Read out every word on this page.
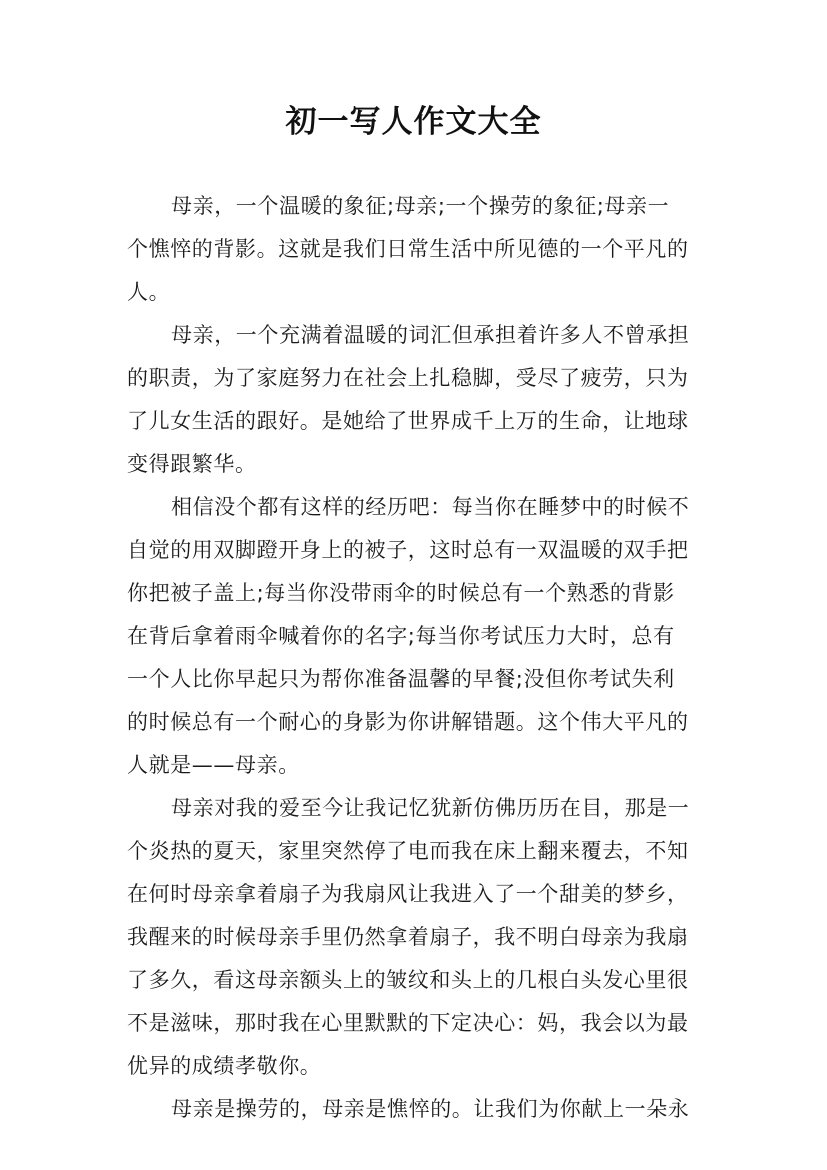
初一写人作文大全
母亲，一个温暖的象征;母亲;一个操劳的象征;母亲一
个憔悴的背影。这就是我们日常生活中所见德的一个平凡的
人。
母亲，一个充满着温暖的词汇但承担着许多人不曾承担
的职责，为了家庭努力在社会上扎稳脚，受尽了疲劳，只为
了儿女生活的跟好。是她给了世界成千上万的生命，让地球
变得跟繁华。
相信没个都有这样的经历吧：每当你在睡梦中的时候不
自觉的用双脚蹬开身上的被子，这时总有一双温暖的双手把
你把被子盖上;每当你没带雨伞的时候总有一个熟悉的背影
在背后拿着雨伞喊着你的名字;每当你考试压力大时，总有
一个人比你早起只为帮你准备温馨的早餐;没但你考试失利
的时候总有一个耐心的身影为你讲解错题。这个伟大平凡的
人就是——母亲。
母亲对我的爱至今让我记忆犹新仿佛历历在目，那是一
个炎热的夏天，家里突然停了电而我在床上翻来覆去，不知
在何时母亲拿着扇子为我扇风让我进入了一个甜美的梦乡，
我醒来的时候母亲手里仍然拿着扇子，我不明白母亲为我扇
了多久，看这母亲额头上的皱纹和头上的几根白头发心里很
不是滋味，那时我在心里默默的下定决心：妈，我会以为最
优异的成绩孝敬你。
母亲是操劳的，母亲是憔悴的。让我们为你献上一朵永
